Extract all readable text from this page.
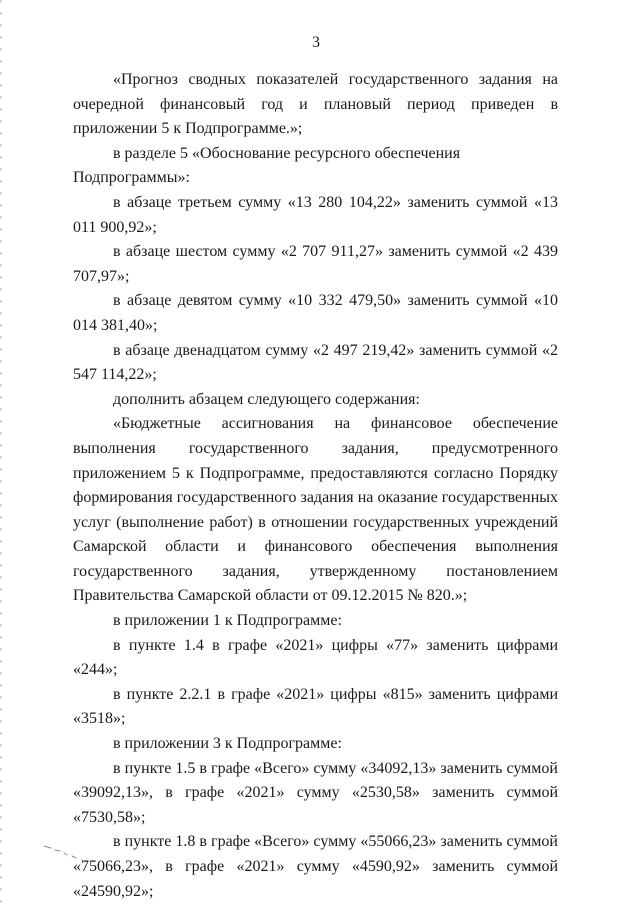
3

«Прогноз сводных показателей государственного задания на очередной финансовый год и плановый период приведен в приложении 5 к Подпрограмме.»;

в разделе 5 «Обоснование ресурсного обеспечения Подпрограммы»:

в абзаце третьем сумму «13 280 104,22» заменить суммой «13 011 900,92»;

в абзаце шестом сумму «2 707 911,27» заменить суммой «2 439 707,97»;

в абзаце девятом сумму «10 332 479,50» заменить суммой «10 014 381,40»;

в абзаце двенадцатом сумму «2 497 219,42» заменить суммой «2 547 114,22»;

дополнить абзацем следующего содержания:

«Бюджетные ассигнования на финансовое обеспечение выполнения государственного задания, предусмотренного приложением 5 к Подпрограмме, предоставляются согласно Порядку формирования государственного задания на оказание государственных услуг (выполнение работ) в отношении государственных учреждений Самарской области и финансового обеспечения выполнения государственного задания, утвержденному постановлением Правительства Самарской области от 09.12.2015 № 820.»;

в приложении 1 к Подпрограмме:

в пункте 1.4 в графе «2021» цифры «77» заменить цифрами «244»;

в пункте 2.2.1 в графе «2021» цифры «815» заменить цифрами «3518»;

в приложении 3 к Подпрограмме:

в пункте 1.5 в графе «Всего» сумму «34092,13» заменить суммой «39092,13», в графе «2021» сумму «2530,58» заменить суммой «7530,58»;

в пункте 1.8 в графе «Всего» сумму «55066,23» заменить суммой «75066,23», в графе «2021» сумму «4590,92» заменить суммой «24590,92»;
